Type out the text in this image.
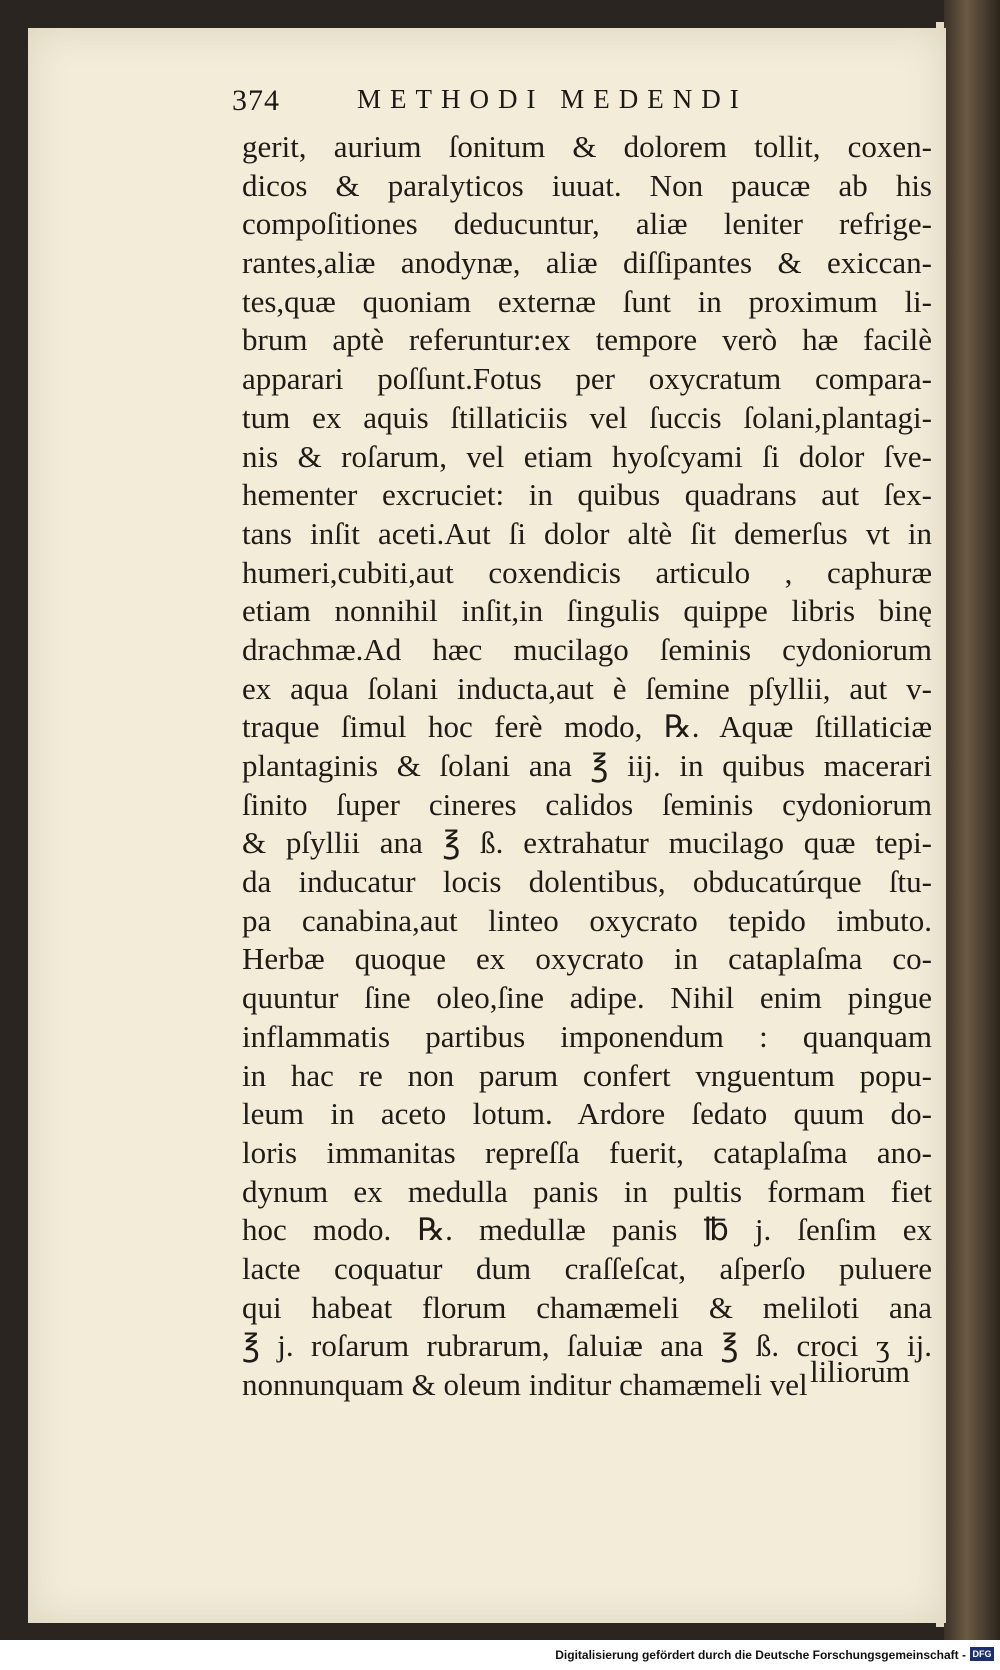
374	METHODI MEDENDI
gerit, aurium ſonitum & dolorem tollit, coxen-
dicos & paralyticos iuuat. Non paucæ ab his
compoſitiones deducuntur, aliæ leniter refrige-
rantes,aliæ anodynæ, aliæ diſſipantes & exiccan-
tes,quæ quoniam externæ ſunt in proximum li-
brum aptè referuntur:ex tempore verò hæ facilè
apparari poſſunt.Fotus per oxycratum compara-
tum ex aquis ſtillaticiis vel ſuccis ſolani,plantagi-
nis & roſarum, vel etiam hyoſcyami ſi dolor ſve-
hementer excruciet: in quibus quadrans aut ſex-
tans inſit aceti.Aut ſi dolor altè ſit demerſus vt in
humeri,cubiti,aut coxendicis articulo , caphuræ
etiam nonnihil inſit,in ſingulis quippe libris binę
drachmæ.Ad hæc mucilago ſeminis cydoniorum
ex aqua ſolani inducta,aut è ſemine pſyllii, aut v-
traque ſimul hoc ferè modo, ℞. Aquæ ſtillaticiæ
plantaginis & ſolani ana ℥ iij. in quibus macerari
ſinito ſuper cineres calidos ſeminis cydoniorum
& pſyllii ana ℥ ß. extrahatur mucilago quæ tepi-
da inducatur locis dolentibus, obducatúrque ſtu-
pa canabina,aut linteo oxycrato tepido imbuto.
Herbæ quoque ex oxycrato in cataplaſma co-
quuntur ſine oleo,ſine adipe. Nihil enim pingue
inflammatis partibus imponendum : quanquam
in hac re non parum confert vnguentum popu-
leum in aceto lotum. Ardore ſedato quum do-
loris immanitas repreſſa fuerit, cataplaſma ano-
dynum ex medulla panis in pultis formam fiet
hoc modo. ℞. medullæ panis ℔ j. ſenſim ex
lacte coquatur dum craſſeſcat, aſperſo puluere
qui habeat florum chamæmeli & meliloti ana
℥ j. roſarum rubrarum, ſaluiæ ana ℥ ß. croci ʒ ij.
nonnunquam & oleum inditur chamæmeli vel liliorum
Digitalisierung gefördert durch die Deutsche Forschungsgemeinschaft - DFG
